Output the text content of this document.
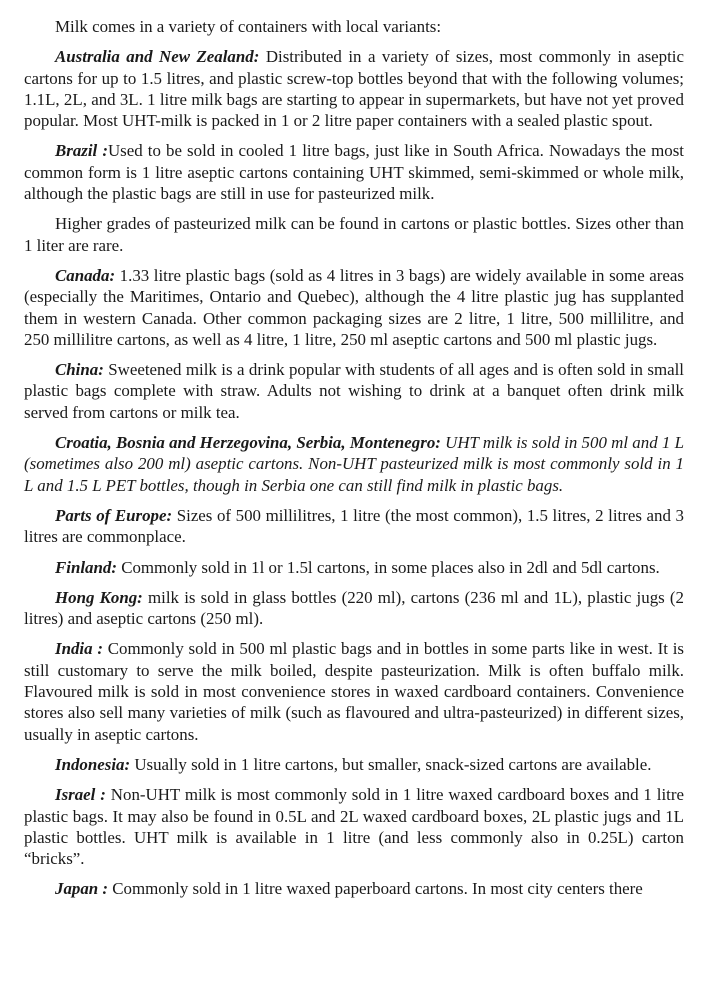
Milk comes in a variety of containers with local variants:

Australia and New Zealand: Distributed in a variety of sizes, most commonly in aseptic cartons for up to 1.5 litres, and plastic screw-top bottles beyond that with the following volumes; 1.1L, 2L, and 3L. 1 litre milk bags are starting to appear in supermarkets, but have not yet proved popular. Most UHT-milk is packed in 1 or 2 litre paper containers with a sealed plastic spout.

Brazil :Used to be sold in cooled 1 litre bags, just like in South Africa. Nowadays the most common form is 1 litre aseptic cartons containing UHT skimmed, semi-skimmed or whole milk, although the plastic bags are still in use for pasteurized milk.

Higher grades of pasteurized milk can be found in cartons or plastic bottles. Sizes other than 1 liter are rare.

Canada: 1.33 litre plastic bags (sold as 4 litres in 3 bags) are widely available in some areas (especially the Maritimes, Ontario and Quebec), although the 4 litre plastic jug has supplanted them in western Canada. Other common packaging sizes are 2 litre, 1 litre, 500 millilitre, and 250 millilitre cartons, as well as 4 litre, 1 litre, 250 ml aseptic cartons and 500 ml plastic jugs.

China: Sweetened milk is a drink popular with students of all ages and is often sold in small plastic bags complete with straw. Adults not wishing to drink at a banquet often drink milk served from cartons or milk tea.

Croatia, Bosnia and Herzegovina, Serbia, Montenegro: UHT milk is sold in 500 ml and 1 L (sometimes also 200 ml) aseptic cartons. Non-UHT pasteurized milk is most commonly sold in 1 L and 1.5 L PET bottles, though in Serbia one can still find milk in plastic bags.

Parts of Europe: Sizes of 500 millilitres, 1 litre (the most common), 1.5 litres, 2 litres and 3 litres are commonplace.

Finland: Commonly sold in 1l or 1.5l cartons, in some places also in 2dl and 5dl cartons.

Hong Kong: milk is sold in glass bottles (220 ml), cartons (236 ml and 1L), plastic jugs (2 litres) and aseptic cartons (250 ml).

India : Commonly sold in 500 ml plastic bags and in bottles in some parts like in west. It is still customary to serve the milk boiled, despite pasteurization. Milk is often buffalo milk. Flavoured milk is sold in most convenience stores in waxed cardboard containers. Convenience stores also sell many varieties of milk (such as flavoured and ultra-pasteurized) in different sizes, usually in aseptic cartons.

Indonesia: Usually sold in 1 litre cartons, but smaller, snack-sized cartons are available.

Israel : Non-UHT milk is most commonly sold in 1 litre waxed cardboard boxes and 1 litre plastic bags. It may also be found in 0.5L and 2L waxed cardboard boxes, 2L plastic jugs and 1L plastic bottles. UHT milk is available in 1 litre (and less commonly also in 0.25L) carton “bricks”.

Japan : Commonly sold in 1 litre waxed paperboard cartons. In most city centers there
